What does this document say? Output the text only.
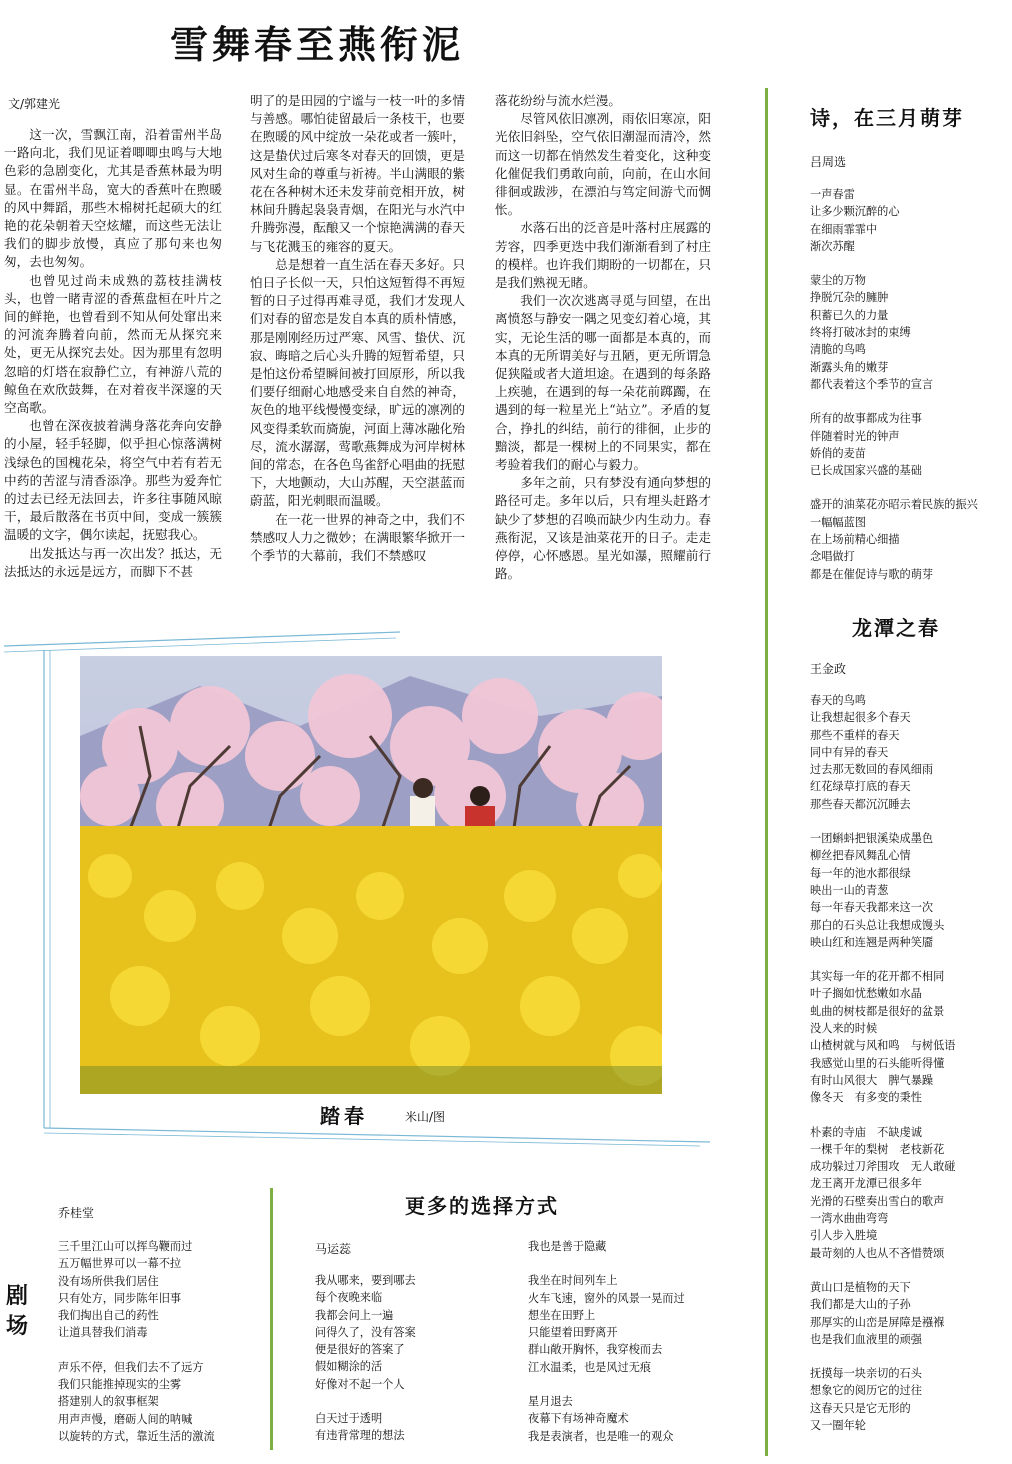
雪舞春至燕衔泥
文/郭建光

这一次，雪飘江南，沿着雷州半岛一路向北，我们见证着唧唧虫鸣与大地色彩的急剧变化，尤其是香蕉林最为明显。在雷州半岛，宽大的香蕉叶在煦暖的风中舞蹈，那些木棉树托起硕大的红艳的花朵朝着天空炫耀，而这些无法让我们的脚步放慢，真应了那句来也匆匆，去也匆匆。

也曾见过尚未成熟的荔枝挂满枝头，也曾一睹青涩的香蕉盘桓在叶片之间的鲜艳，也曾看到不知从何处窜出来的河流奔腾着向前，然而无从探究来处，更无从探究去处。因为那里有忽明忽暗的灯塔在寂静伫立，有神游八荒的鲸鱼在欢欣鼓舞，在对着夜半深邃的天空高歌。

也曾在深夜披着满身落花奔向安静的小屋，轻手轻脚，似乎担心惊落满树浅绿色的国槐花朵，将空气中若有若无中药的苦涩与清香添净。那些为爱奔忙的过去已经无法回去，许多往事随风晾干，最后散落在书页中间，变成一簇簇温暖的文字，偶尔读起，抚慰我心。

出发抵达与再一次出发？抵达，无法抵达的永远是远方，而脚下不甚

明了的是田园的宁谧与一枝一叶的多情与善感。哪怕徒留最后一条枝干，也要在煦暖的风中绽放一朵花或者一簇叶，这是蛰伏过后寒冬对春天的回馈，更是风对生命的尊重与祈祷。半山满眼的紫花在各种树木还未发芽前竞相开放，树林间升腾起袅袅青烟，在阳光与水汽中升腾弥漫，酝酿又一个惊艳满满的春天与飞花溅玉的雍容的夏天。

总是想着一直生活在春天多好。只怕日子长似一天，只怕这短暂得不再短暂的日子过得再难寻觅，我们才发现人们对春的留恋是发自本真的质朴情感，那是刚刚经历过严寒、风雪、蛰伏、沉寂、晦暗之后心头升腾的短暂希望，只是怕这份希望瞬间被打回原形，所以我们要仔细耐心地感受来自自然的神奇，灰色的地平线慢慢变绿，旷远的凛冽的风变得柔软而旖旎，河面上薄冰融化殆尽，流水潺潺，莺歌燕舞成为河岸树林间的常态，在各色鸟雀舒心唱曲的抚慰下，大地颤动，大山苏醒，天空湛蓝而蔚蓝，阳光刺眼而温暖。

在一花一世界的神奇之中，我们不禁感叹人力之微妙；在满眼繁华掀开一个季节的大幕前，我们不禁感叹

落花纷纷与流水烂漫。

尽管风依旧凛冽，雨依旧寒凉，阳光依旧斜坠，空气依旧潮湿而清冷，然而这一切都在悄然发生着变化，这种变化催促我们勇敢向前，向前，在山水间徘徊或跋涉，在漂泊与笃定间游弋而惆怅。

水落石出的泛音是叶落村庄展露的芳容，四季更迭中我们渐渐看到了村庄的模样。也许我们期盼的一切都在，只是我们熟视无睹。

我们一次次逃离寻觅与回望，在出离愤怒与静安一隅之见变幻着心境，其实，无论生活的哪一面都是本真的，而本真的无所谓美好与丑陋，更无所谓急促狭隘或者大道坦途。在遇到的每条路上疾驰，在遇到的每一朵花前踯躅，在遇到的每一粒星光上“站立”。矛盾的复合，挣扎的纠结，前行的徘徊，止步的黯淡，都是一棵树上的不同果实，都在考验着我们的耐心与毅力。

多年之前，只有梦没有通向梦想的路径可走。多年以后，只有埋头赶路才缺少了梦想的召唤而缺少内生动力。春燕衔泥，又该是油菜花开的日子。走走停停，心怀感恩。星光如瀑，照耀前行路。

诗，在三月萌芽
吕周选
一声春雷
让多少颗沉醉的心
在细雨霏霏中
渐次苏醒
蒙尘的万物
挣脱冗杂的臃肿
积蓄已久的力量
终将打破冰封的束缚
清脆的鸟鸣
渐露头角的嫩芽
都代表着这个季节的宣言
所有的故事都成为往事
伴随着时光的钟声
娇俏的麦苗
已长成国家兴盛的基础
盛开的油菜花亦昭示着民族的振兴
一幅幅蓝图
在上场前精心细描
念唱做打
都是在催促诗与歌的萌芽
龙潭之春
王金政
春天的鸟鸣
让我想起很多个春天
那些不重样的春天
同中有异的春天
过去那无数回的春风细雨
红花绿草打底的春天
那些春天都沉沉睡去
一团蝌蚪把银溪染成墨色
柳丝把春风舞乱心情
每一年的池水都很绿
映出一山的青葱
每一年春天我都来这一次
那白的石头总让我想成馒头
映山红和连翘是两种笑靥
其实每一年的花开都不相同
叶子搁如忧愁嫩如水晶
虬曲的树枝都是很好的盆景
没人来的时候
山楂树就与风和鸣　与树低语
我感觉山里的石头能听得懂
有时山风很大　脾气暴躁
像冬天　有多变的秉性
朴素的寺庙　不缺虔诚
一棵千年的梨树　老枝新花
成功躲过刀斧围攻　无人敢碰
龙王离开龙潭已很多年
光滑的石壁奏出雪白的歌声
一湾水曲曲弯弯
引人步入胜境
最苛刻的人也从不吝惜赞颂
黄山口是植物的天下
我们都是大山的子孙
那厚实的山峦是屏障是襁褓
也是我们血液里的顽强
抚摸每一块亲切的石头
想象它的阅历它的过往
这春天只是它无形的
又一圈年轮
踏春	米山/图
剧场
乔桂堂
三千里江山可以挥鸟鞭而过
五万幅世界可以一幕不拉
没有场所供我们居住
只有处方，同步陈年旧事
我们掏出自己的药性
让道具替我们消毒
声乐不停，但我们去不了远方
我们只能推掉现实的尘雾
搭建别人的叙事框架
用声声慢，磨砺人间的呐喊
以旋转的方式，靠近生活的激流
更多的选择方式
马运蕊
我从哪来，要到哪去
每个夜晚来临
我都会问上一遍
问得久了，没有答案
便是很好的答案了
假如糊涂的活
好像对不起一个人
白天过于透明
有违背常理的想法
我也是善于隐藏
我坐在时间列车上
火车飞速，窗外的风景一晃而过
想坐在田野上
只能望着田野离开
群山敞开胸怀，我穿梭而去
江水温柔，也是风过无痕
星月退去
夜幕下有场神奇魔术
我是表演者，也是唯一的观众
